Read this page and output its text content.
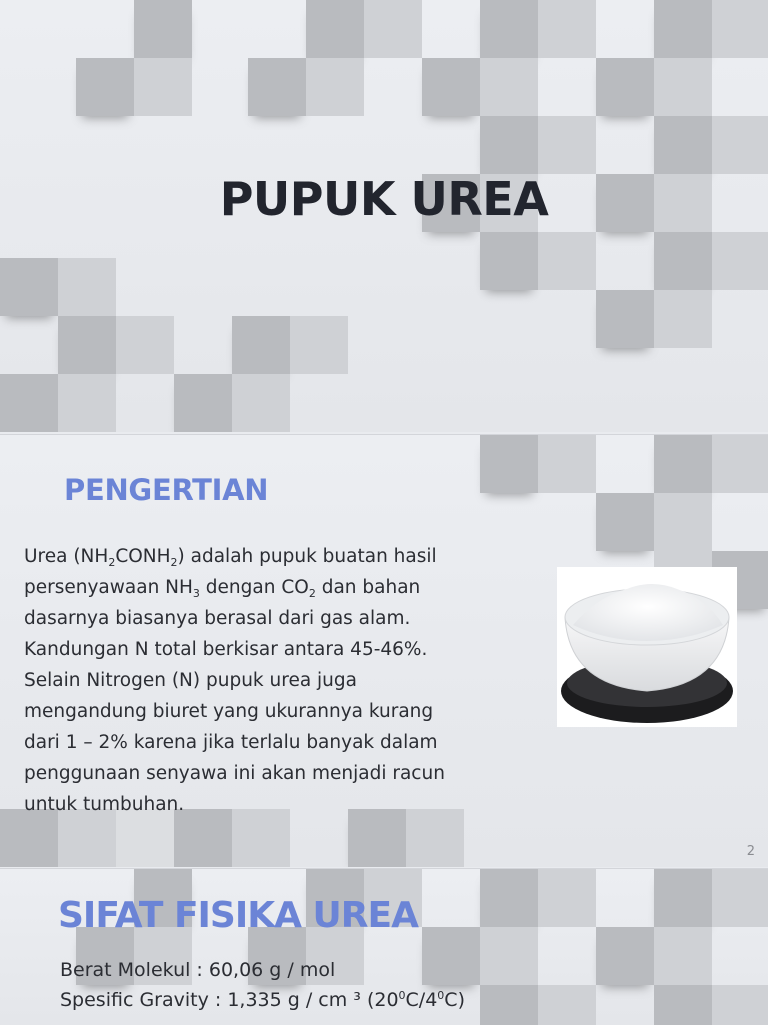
PUPUK UREA
PENGERTIAN
Urea $(NH_2CONH_2)$ adalah pupuk buatan hasil
persenyawaan $NH_3$ dengan $CO_2$ dan bahan
dasarnya biasanya berasal dari gas alam.
Kandungan N total berkisar antara 45-46%.
Selain Nitrogen (N) pupuk urea juga
mengandung biuret yang ukurannya kurang
dari 1 – 2% karena jika terlalu banyak dalam
penggunaan senyawa ini akan menjadi racun
untuk tumbuhan.
2
SIFAT FISIKA UREA
Berat Molekul : 60,06 g / mol
Spesific Gravity : 1,335 g / cm ³ $(20^0C/4^0C)$
